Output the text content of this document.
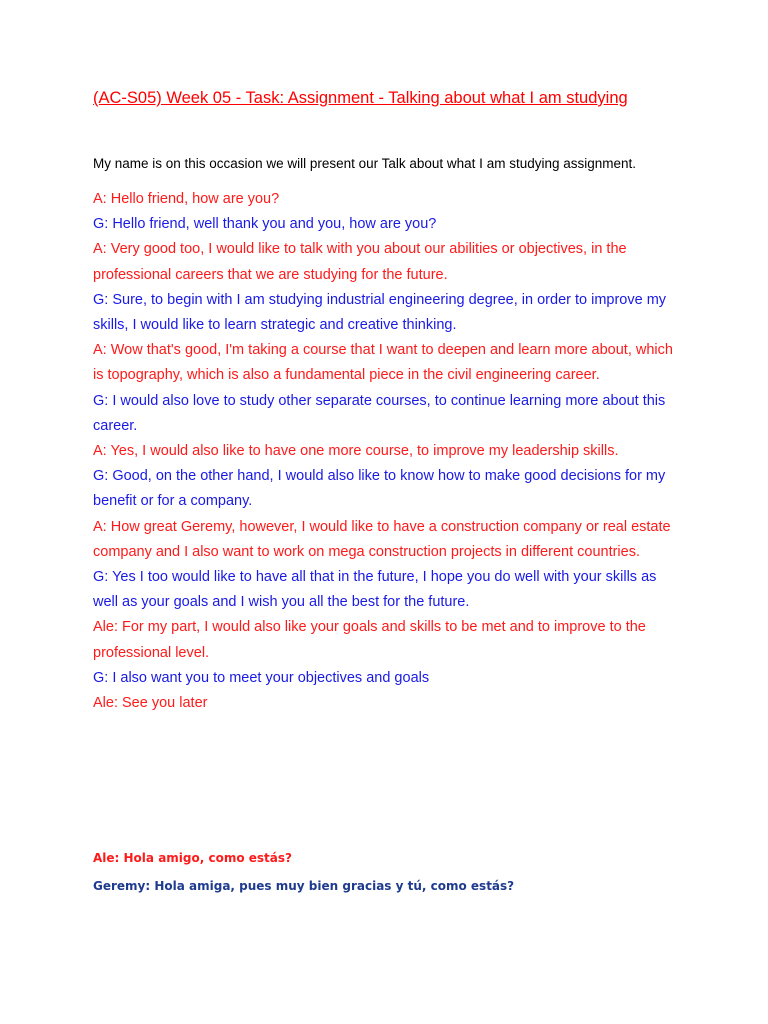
(AC-S05) Week 05 - Task: Assignment - Talking about what I am studying

My name is on this occasion we will present our Talk about what I am studying assignment.

A: Hello friend, how are you?

G: Hello friend, well thank you and you, how are you?

A: Very good too, I would like to talk with you about our abilities or objectives, in the professional careers that we are studying for the future.

G: Sure, to begin with I am studying industrial engineering degree, in order to improve my skills, I would like to learn strategic and creative thinking.

A: Wow that's good, I'm taking a course that I want to deepen and learn more about, which is topography, which is also a fundamental piece in the civil engineering career.

G: I would also love to study other separate courses, to continue learning more about this career.

A: Yes, I would also like to have one more course, to improve my leadership skills.

G: Good, on the other hand, I would also like to know how to make good decisions for my benefit or for a company.

A: How great Geremy, however, I would like to have a construction company or real estate company and I also want to work on mega construction projects in different countries.

G: Yes I too would like to have all that in the future, I hope you do well with your skills as well as your goals and I wish you all the best for the future.

Ale: For my part, I would also like your goals and skills to be met and to improve to the professional level.

G: I also want you to meet your objectives and goals

Ale: See you later

Ale: Hola amigo, como estás?

Geremy: Hola amiga, pues muy bien gracias y tú, como estás?
